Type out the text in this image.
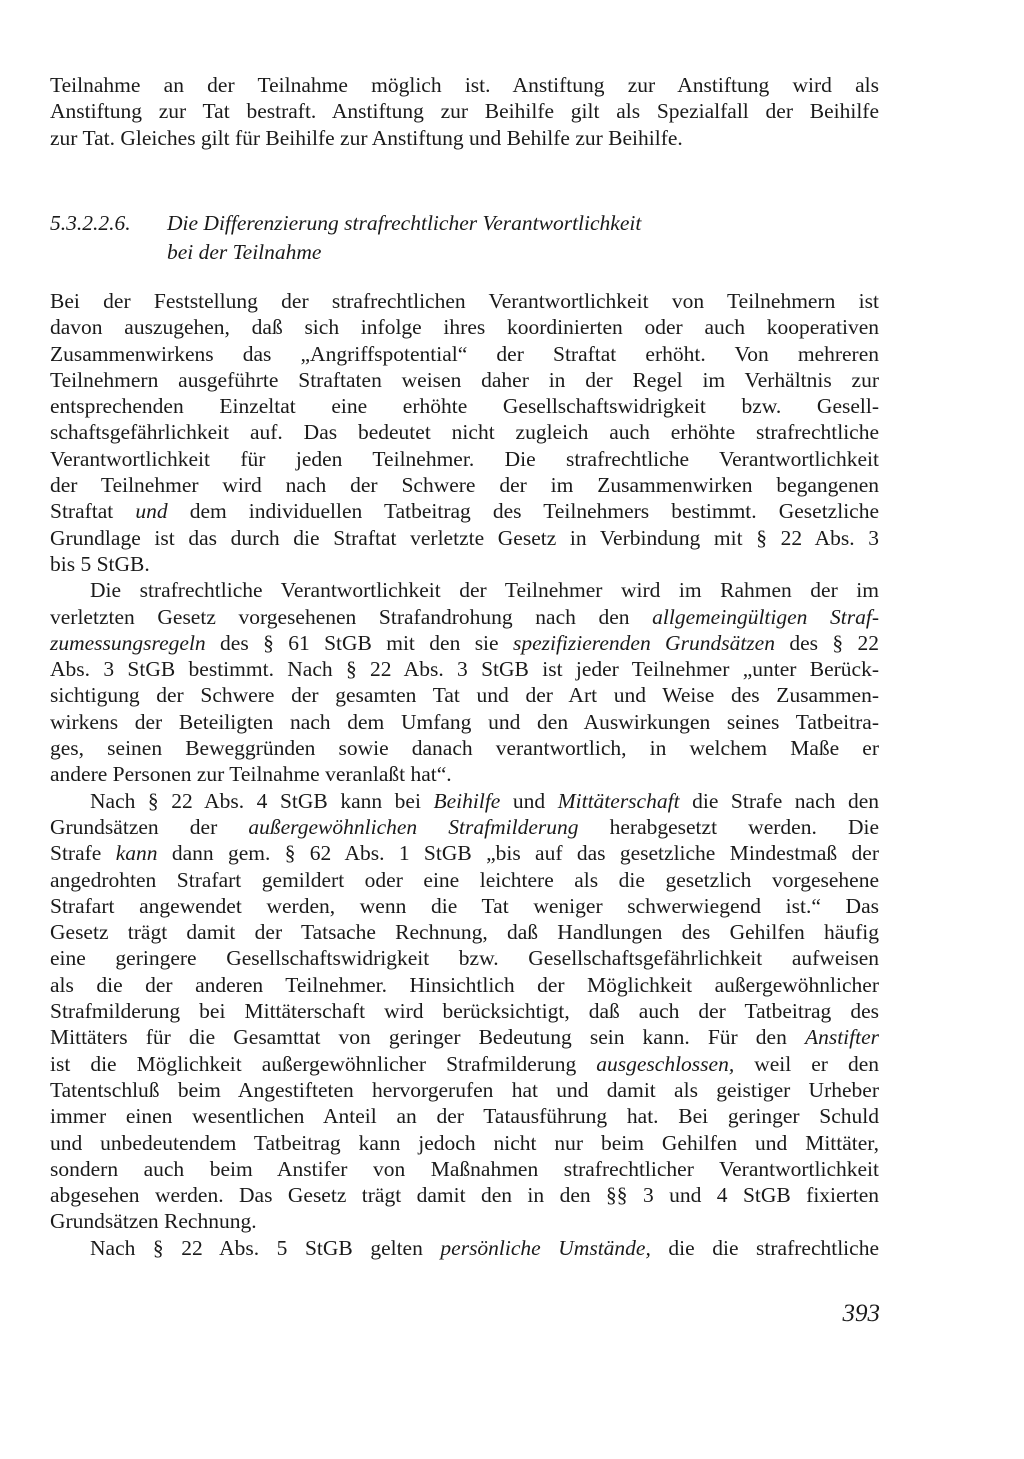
Teilnahme an der Teilnahme möglich ist. Anstiftung zur Anstiftung wird als
Anstiftung zur Tat bestraft. Anstiftung zur Beihilfe gilt als Spezialfall der Beihilfe
zur Tat. Gleiches gilt für Beihilfe zur Anstiftung und Behilfe zur Beihilfe.
5.3.2.2.6. Die Differenzierung strafrechtlicher Verantwortlichkeit
bei der Teilnahme
Bei der Feststellung der strafrechtlichen Verantwortlichkeit von Teilnehmern ist
davon auszugehen, daß sich infolge ihres koordinierten oder auch kooperativen
Zusammenwirkens das „Angriffspotential“ der Straftat erhöht. Von mehreren
Teilnehmern ausgeführte Straftaten weisen daher in der Regel im Verhältnis zur
entsprechenden Einzeltat eine erhöhte Gesellschaftswidrigkeit bzw. Gesell-
schaftsgefährlichkeit auf. Das bedeutet nicht zugleich auch erhöhte strafrechtliche
Verantwortlichkeit für jeden Teilnehmer. Die strafrechtliche Verantwortlichkeit
der Teilnehmer wird nach der Schwere der im Zusammenwirken begangenen
Straftat und dem individuellen Tatbeitrag des Teilnehmers bestimmt. Gesetzliche
Grundlage ist das durch die Straftat verletzte Gesetz in Verbindung mit § 22 Abs. 3
bis 5 StGB.
Die strafrechtliche Verantwortlichkeit der Teilnehmer wird im Rahmen der im
verletzten Gesetz vorgesehenen Strafandrohung nach den allgemeingültigen Straf-
zumessungsregeln des § 61 StGB mit den sie spezifizierenden Grundsätzen des § 22
Abs. 3 StGB bestimmt. Nach § 22 Abs. 3 StGB ist jeder Teilnehmer „unter Berück-
sichtigung der Schwere der gesamten Tat und der Art und Weise des Zusammen-
wirkens der Beteiligten nach dem Umfang und den Auswirkungen seines Tatbeitra-
ges, seinen Beweggründen sowie danach verantwortlich, in welchem Maße er
andere Personen zur Teilnahme veranlaßt hat“.
Nach § 22 Abs. 4 StGB kann bei Beihilfe und Mittäterschaft die Strafe nach den
Grundsätzen der außergewöhnlichen Strafmilderung herabgesetzt werden. Die
Strafe kann dann gem. § 62 Abs. 1 StGB „bis auf das gesetzliche Mindestmaß der
angedrohten Strafart gemildert oder eine leichtere als die gesetzlich vorgesehene
Strafart angewendet werden, wenn die Tat weniger schwerwiegend ist.“ Das
Gesetz trägt damit der Tatsache Rechnung, daß Handlungen des Gehilfen häufig
eine geringere Gesellschaftswidrigkeit bzw. Gesellschaftsgefährlichkeit aufweisen
als die der anderen Teilnehmer. Hinsichtlich der Möglichkeit außergewöhnlicher
Strafmilderung bei Mittäterschaft wird berücksichtigt, daß auch der Tatbeitrag des
Mittäters für die Gesamttat von geringer Bedeutung sein kann. Für den Anstifter
ist die Möglichkeit außergewöhnlicher Strafmilderung ausgeschlossen, weil er den
Tatentschluß beim Angestifteten hervorgerufen hat und damit als geistiger Urheber
immer einen wesentlichen Anteil an der Tatausführung hat. Bei geringer Schuld
und unbedeutendem Tatbeitrag kann jedoch nicht nur beim Gehilfen und Mittäter,
sondern auch beim Anstifer von Maßnahmen strafrechtlicher Verantwortlichkeit
abgesehen werden. Das Gesetz trägt damit den in den §§ 3 und 4 StGB fixierten
Grundsätzen Rechnung.
Nach § 22 Abs. 5 StGB gelten persönliche Umstände, die die strafrechtliche
393
